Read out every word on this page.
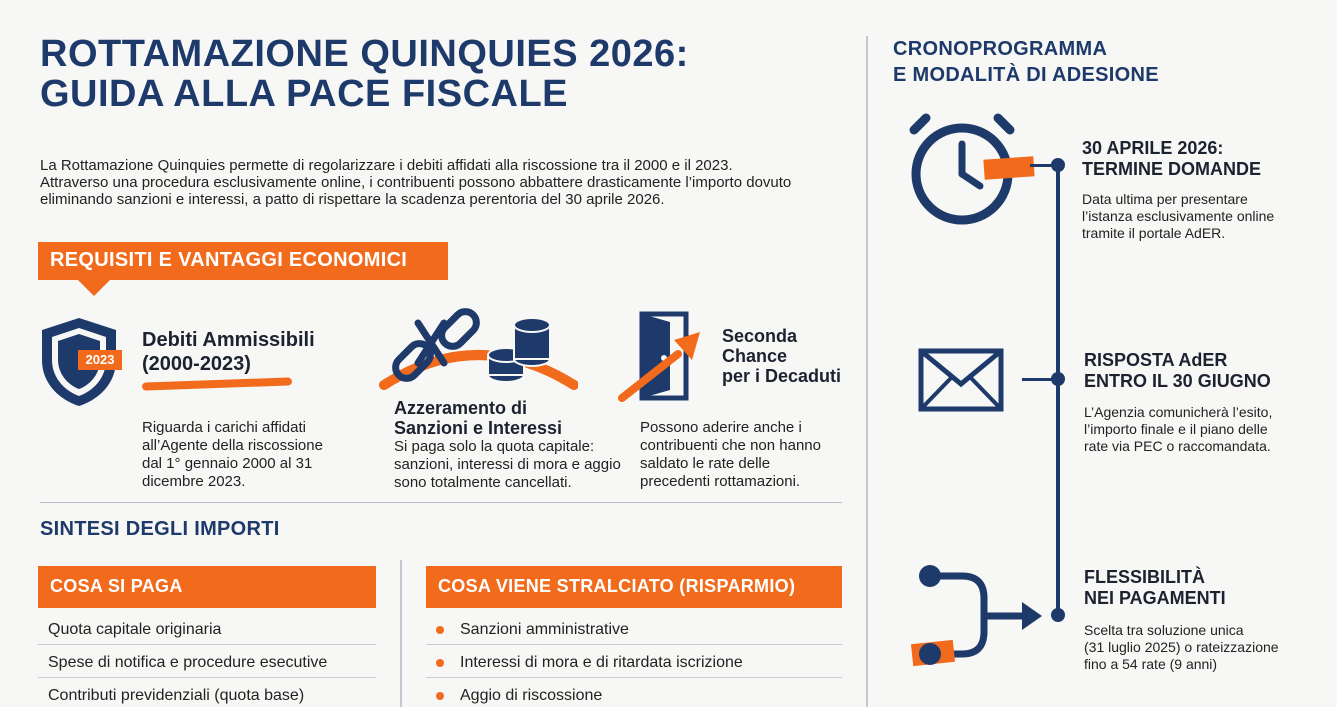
ROTTAMAZIONE QUINQUIES 2026:
GUIDA ALLA PACE FISCALE
La Rottamazione Quinquies permette di regolarizzare i debiti affidati alla riscossione tra il 2000 e il 2023.
Attraverso una procedura esclusivamente online, i contribuenti possono abbattere drasticamente l’importo dovuto
eliminando sanzioni e interessi, a patto di rispettare la scadenza perentoria del 30 aprile 2026.
REQUISITI E VANTAGGI ECONOMICI
2023
Debiti Ammissibili
(2000-2023)
Riguarda i carichi affidati
all’Agente della riscossione
dal 1° gennaio 2000 al 31
dicembre 2023.
Azzeramento di
Sanzioni e Interessi
Si paga solo la quota capitale:
sanzioni, interessi di mora e aggio
sono totalmente cancellati.
Seconda
Chance
per i Decaduti
Possono aderire anche i
contribuenti che non hanno
saldato le rate delle
precedenti rottamazioni.
SINTESI DEGLI IMPORTI
COSA SI PAGA
Quota capitale originaria
Spese di notifica e procedure esecutive
Contributi previdenziali (quota base)
COSA VIENE STRALCIATO (RISPARMIO)
Sanzioni amministrative
Interessi di mora e di ritardata iscrizione
Aggio di riscossione
CRONOPROGRAMMA
E MODALITÀ DI ADESIONE
30 APRILE 2026:
TERMINE DOMANDE
Data ultima per presentare
l’istanza esclusivamente online
tramite il portale AdER.
RISPOSTA AdER
ENTRO IL 30 GIUGNO
L’Agenzia comunicherà l’esito,
l’importo finale e il piano delle
rate via PEC o raccomandata.
FLESSIBILITÀ
NEI PAGAMENTI
Scelta tra soluzione unica
(31 luglio 2025) o rateizzazione
fino a 54 rate (9 anni)
